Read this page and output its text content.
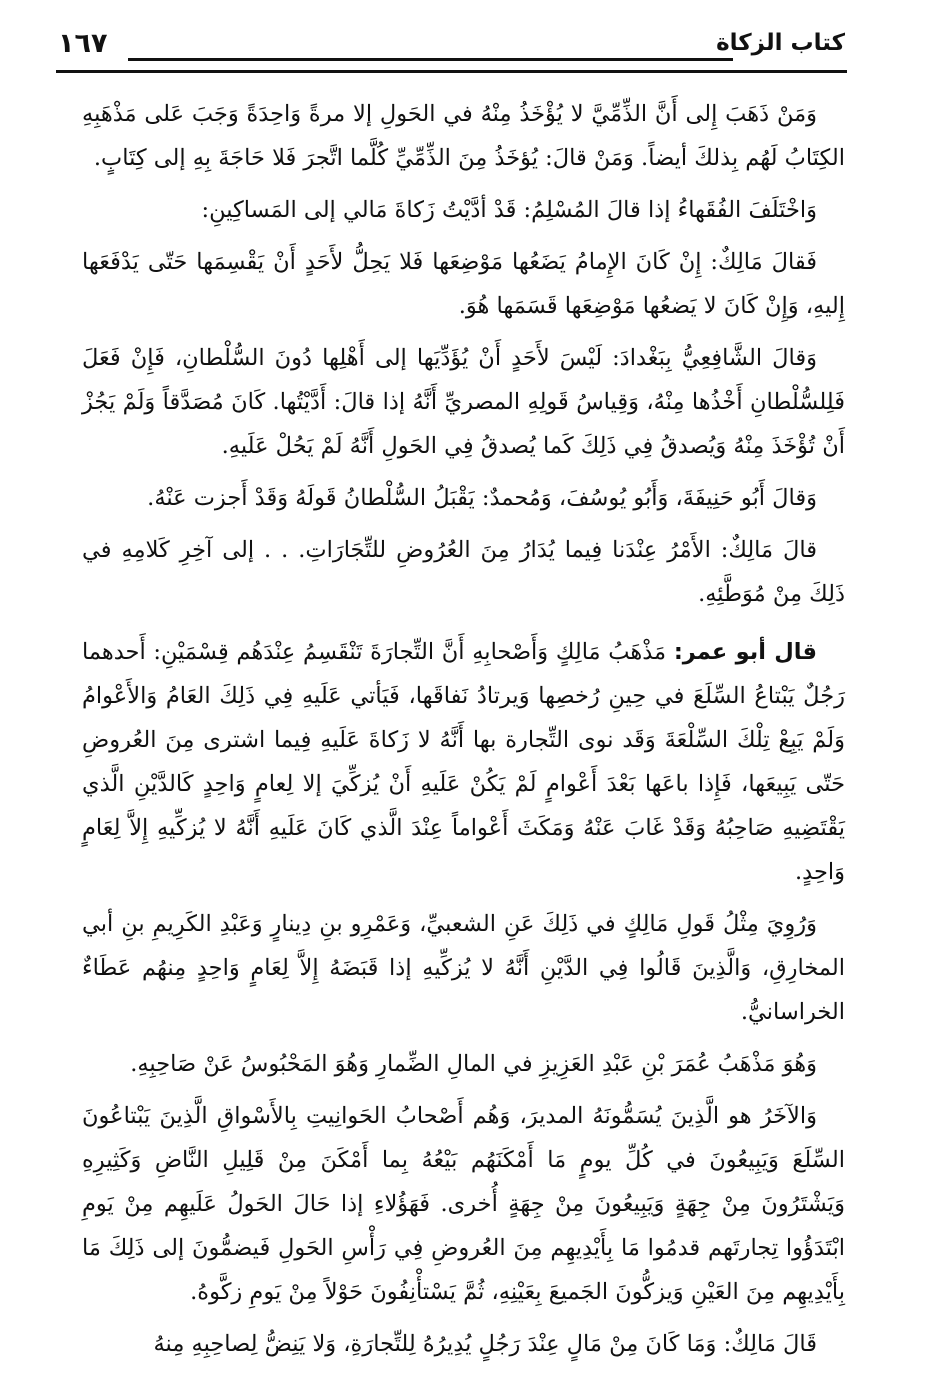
كتاب الزكاة
١٦٧

وَمَنْ ذَهَبَ إِلى أَنَّ الذِّمِّيَّ لا يُؤْخَذُ مِنْهُ في الحَولِ إلا مرةً وَاحِدَةً وَجَبَ عَلى مَذْهَبِهِ الكِتَابُ لَهُم بِذلكَ أيضاً. وَمَنْ قالَ: يُؤخَذُ مِنَ الذِّمِّيِّ كُلَّما اتَّجرَ فَلا حَاجَةَ بِهِ إلى كِتَابٍ.

وَاخْتَلَفَ الفُقَهاءُ إذا قالَ المُسْلِمُ: قَدْ أدَّيْتُ زَكاةَ مَالي إلى المَساكِينِ:

فَقالَ مَالِكٌ: إِنْ كَانَ الإِمامُ يَضَعُها مَوْضِعَها فَلا يَحِلُّ لأَحَدٍ أَنْ يَقْسِمَها حَتّى يَدْفَعَها إِليهِ، وَإِنْ كَانَ لا يَضعُها مَوْضِعَها قَسَمَها هُوَ.

وَقالَ الشَّافِعِيُّ بِبَغْدادَ: لَيْسَ لأَحَدٍ أَنْ يُؤَدِّيَها إلى أَهْلِها دُونَ السُّلْطانِ، فَإِنْ فَعَلَ فَلِلسُّلْطانِ أَخْذُها مِنْهُ، وَقِياسُ قَولِهِ المصريِّ أَنَّهُ إذا قالَ: أَدَّيْتُها. كَانَ مُصَدَّقاً وَلَمْ يَجُزْ أَنْ تُؤْخَذَ مِنْهُ وَيُصدقُ فِي ذَلِكَ كَما يُصدقُ فِي الحَولِ أَنَّهُ لَمْ يَحُلْ عَلَيهِ.

وَقالَ أَبُو حَنِيفَةَ، وَأَبُو يُوسُفَ، وَمُحمدٌ: يَقْبَلُ السُّلْطانُ قَولَهُ وَقَدْ أَجزت عَنْهُ.

قالَ مَالِكٌ: الأَمْرُ عِنْدَنا فِيما يُدَارُ مِنَ العُرُوضِ للتِّجَارَاتِ. . . إلى آخِرِ كَلامِهِ في ذَلِكَ مِنْ مُوَطَّئِهِ.

قال أبو عمر: مَذْهَبُ مَالِكٍ وَأَصْحابِهِ أَنَّ التِّجارَةَ تَنْقَسِمُ عِنْدَهُم قِسْمَيْنِ: أَحدهما رَجُلٌ يَبْتاعُ السِّلَعَ في حِينِ رُخصِها وَيرتادُ نَفاقَها، فَيَأتي عَلَيهِ فِي ذَلِكَ العَامُ وَالأَعْوامُ وَلَمْ يَبِعْ تِلْكَ السِّلْعَةَ وَقَد نوى التِّجارة بها أَنَّهُ لا زَكاةَ عَلَيهِ فِيما اشترى مِنَ العُروضِ حَتّى يَبِيعَها، فَإِذا باعَها بَعْدَ أَعْوامٍ لَمْ يَكُنْ عَلَيهِ أَنْ يُزكِّيَ إلا لِعامٍ وَاحِدٍ كَالدَّيْنِ الَّذي يَقْتَضِيهِ صَاحِبُهُ وَقَدْ غَابَ عَنْهُ وَمَكَثَ أَعْواماً عِنْدَ الَّذي كَانَ عَلَيهِ أَنَّهُ لا يُزكِّيهِ إِلاَّ لِعَامٍ وَاحِدٍ.

وَرُوِيَ مِثْلُ قَولِ مَالِكٍ في ذَلِكَ عَنِ الشعبيِّ، وَعَمْرِو بنِ دِينارٍ وَعَبْدِ الكَرِيمِ بنِ أبي المخارِقِ، وَالَّذِينَ قَالُوا فِي الدَّيْنِ أَنَّهُ لا يُزكِّيهِ إذا قَبَضَهُ إِلاَّ لِعَامٍ وَاحِدٍ مِنهُم عَطَاءٌ الخراسانيُّ.

وَهُوَ مَذْهَبُ عُمَرَ بْنِ عَبْدِ العَزِيزِ في المالِ الضِّمارِ وَهُوَ المَحْبُوسُ عَنْ صَاحِبِهِ.

وَالآخَرُ هو الَّذِينَ يُسَمُّونَهُ المديرَ، وَهُم أَصْحابُ الحَوانِيتِ بِالأَسْواقِ الَّذِينَ يَبْتاعُونَ السِّلَعَ وَيَبِيعُونَ في كُلِّ يومٍ مَا أَمْكَنَهُم بَيْعُهُ بِما أَمْكَنَ مِنْ قَلِيلِ النَّاضِ وَكَثِيرِهِ وَيَشْتَرُونَ مِنْ جِهَةٍ وَيَبِيعُونَ مِنْ جِهَةٍ أُخرى. فَهَؤُلاءِ إذا حَالَ الحَولُ عَلَيهِم مِنْ يَومِ ابْتَدَؤُوا تِجارتَهم قدمُوا مَا بِأَيْدِيهِم مِنَ العُروضِ فِي رَأْسِ الحَولِ فَيضمُّونَ إلى ذَلِكَ مَا بِأَيْدِيهِم مِنَ العَيْنِ وَيزكُّونَ الجَميعَ بِعَيْنِهِ، ثُمَّ يَسْتأْنِفُونَ حَوْلاً مِنْ يَومِ زكَّوهُ.

قَالَ مَالِكٌ: وَمَا كَانَ مِنْ مَالٍ عِنْدَ رَجُلٍ يُدِيرُهُ لِلتِّجارَةِ، وَلا يَنِضُّ لِصاحِبِهِ مِنهُ
